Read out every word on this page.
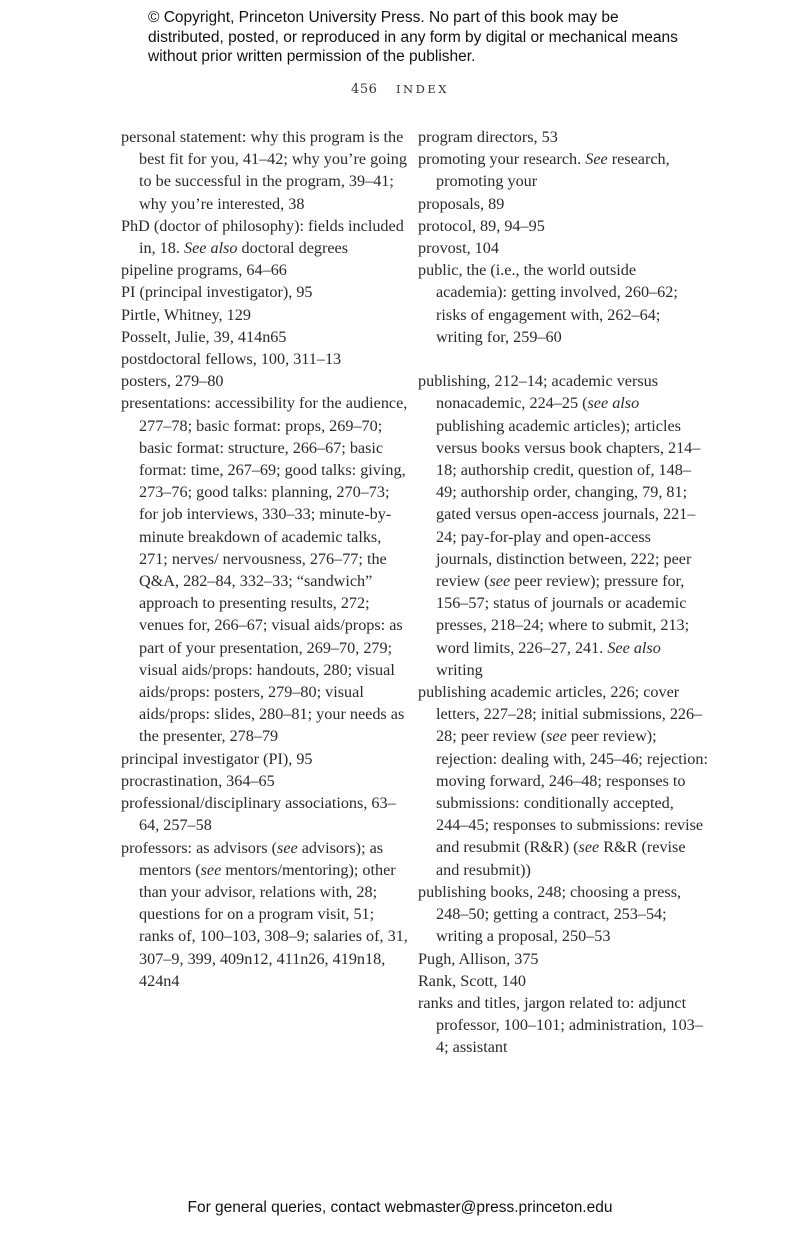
© Copyright, Princeton University Press. No part of this book may be distributed, posted, or reproduced in any form by digital or mechanical means without prior written permission of the publisher.
456 INDEX

personal statement: why this program is the best fit for you, 41–42; why you’re going to be successful in the program, 39–41; why you’re interested, 38

PhD (doctor of philosophy): fields included in, 18. See also doctoral degrees

pipeline programs, 64–66

PI (principal investigator), 95

Pirtle, Whitney, 129

Posselt, Julie, 39, 414n65

postdoctoral fellows, 100, 311–13

posters, 279–80

presentations: accessibility for the audience, 277–78; basic format: props, 269–70; basic format: structure, 266–67; basic format: time, 267–69; good talks: giving, 273–76; good talks: planning, 270–73; for job interviews, 330–33; minute-by-minute breakdown of academic talks, 271; nerves/ nervousness, 276–77; the Q&A, 282–84, 332–33; “sandwich” approach to presenting results, 272; venues for, 266–67; visual aids/props: as part of your presentation, 269–70, 279; visual aids/props: handouts, 280; visual aids/props: posters, 279–80; visual aids/props: slides, 280–81; your needs as the presenter, 278–79

principal investigator (PI), 95

procrastination, 364–65

professional/disciplinary associations, 63–64, 257–58

professors: as advisors (see advisors); as mentors (see mentors/mentoring); other than your advisor, relations with, 28; questions for on a program visit, 51; ranks of, 100–103, 308–9; salaries of, 31, 307–9, 399, 409n12, 411n26, 419n18, 424n4

program directors, 53

promoting your research. See research, promoting your

proposals, 89

protocol, 89, 94–95

provost, 104

public, the (i.e., the world outside academia): getting involved, 260–62; risks of engagement with, 262–64; writing for, 259–60

publishing, 212–14; academic versus nonacademic, 224–25 (see also publishing academic articles); articles versus books versus book chapters, 214–18; authorship credit, question of, 148–49; authorship order, changing, 79, 81; gated versus open-access journals, 221–24; pay-for-play and open-access journals, distinction between, 222; peer review (see peer review); pressure for, 156–57; status of journals or academic presses, 218–24; where to submit, 213; word limits, 226–27, 241. See also writing

publishing academic articles, 226; cover letters, 227–28; initial submissions, 226–28; peer review (see peer review); rejection: dealing with, 245–46; rejection: moving forward, 246–48; responses to submissions: conditionally accepted, 244–45; responses to submissions: revise and resubmit (R&R) (see R&R (revise and resubmit))

publishing books, 248; choosing a press, 248–50; getting a contract, 253–54; writing a proposal, 250–53

Pugh, Allison, 375

Rank, Scott, 140

ranks and titles, jargon related to: adjunct professor, 100–101; administration, 103–4; assistant

For general queries, contact webmaster@press.princeton.edu
